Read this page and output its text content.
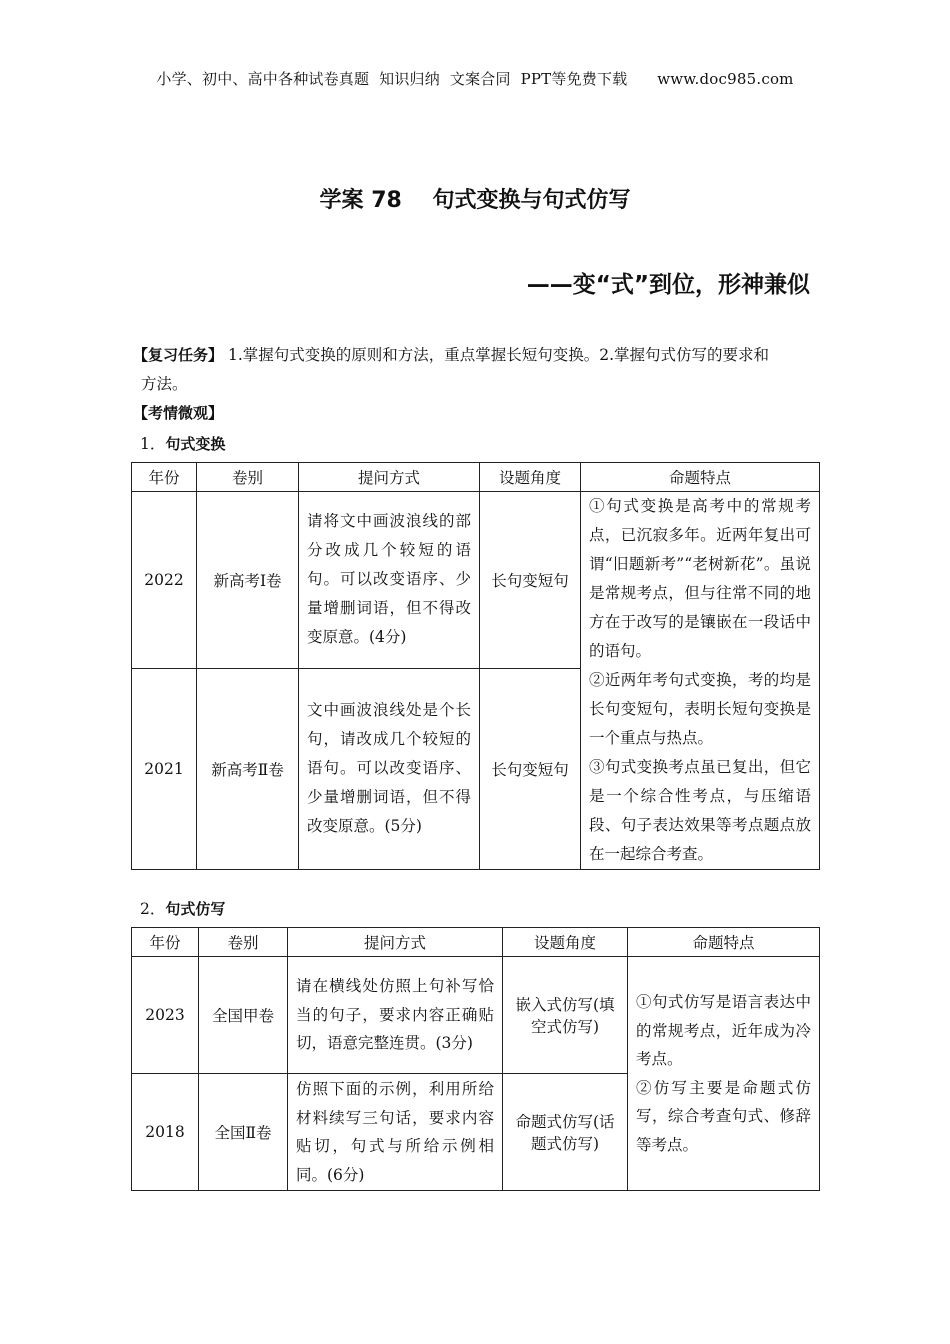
小学、初中、高中各种试卷真题  知识归纳  文案合同  PPT等免费下载      www.doc985.com
学案 78    句式变换与句式仿写
——变“式”到位，形神兼似
【复习任务】 1.掌握句式变换的原则和方法，重点掌握长短句变换。2.掌握句式仿写的要求和
方法。
【考情微观】
1．句式变换
年份	卷别	提问方式	设题角度	命题特点
2022	新高考Ⅰ卷	请将文中画波浪线的部分改成几个较短的语句。可以改变语序、少量增删词语，但不得改变原意。(4分)	长句变短句	①句式变换是高考中的常规考点，已沉寂多年。近两年复出可谓“旧题新考”“老树新花”。虽说是常规考点，但与往常不同的地方在于改写的是镶嵌在一段话中的语句。
②近两年考句式变换，考的均是长句变短句，表明长短句变换是一个重点与热点。
③句式变换考点虽已复出，但它是一个综合性考点，与压缩语段、句子表达效果等考点题点放在一起综合考查。

2021	新高考Ⅱ卷	文中画波浪线处是个长句，请改成几个较短的语句。可以改变语序、少量增删词语，但不得改变原意。(5分)	长句变短句	
2．句式仿写
年份	卷别	提问方式	设题角度	命题特点
2023	全国甲卷	请在横线处仿照上句补写恰当的句子，要求内容正确贴切，语意完整连贯。(3分)	嵌入式仿写(填空式仿写)	①句式仿写是语言表达中的常规考点，近年成为冷考点。
②仿写主要是命题式仿写，综合考查句式、修辞等考点。

2018	全国Ⅱ卷	仿照下面的示例，利用所给材料续写三句话，要求内容贴切，句式与所给示例相同。(6分)	命题式仿写(话题式仿写)	
